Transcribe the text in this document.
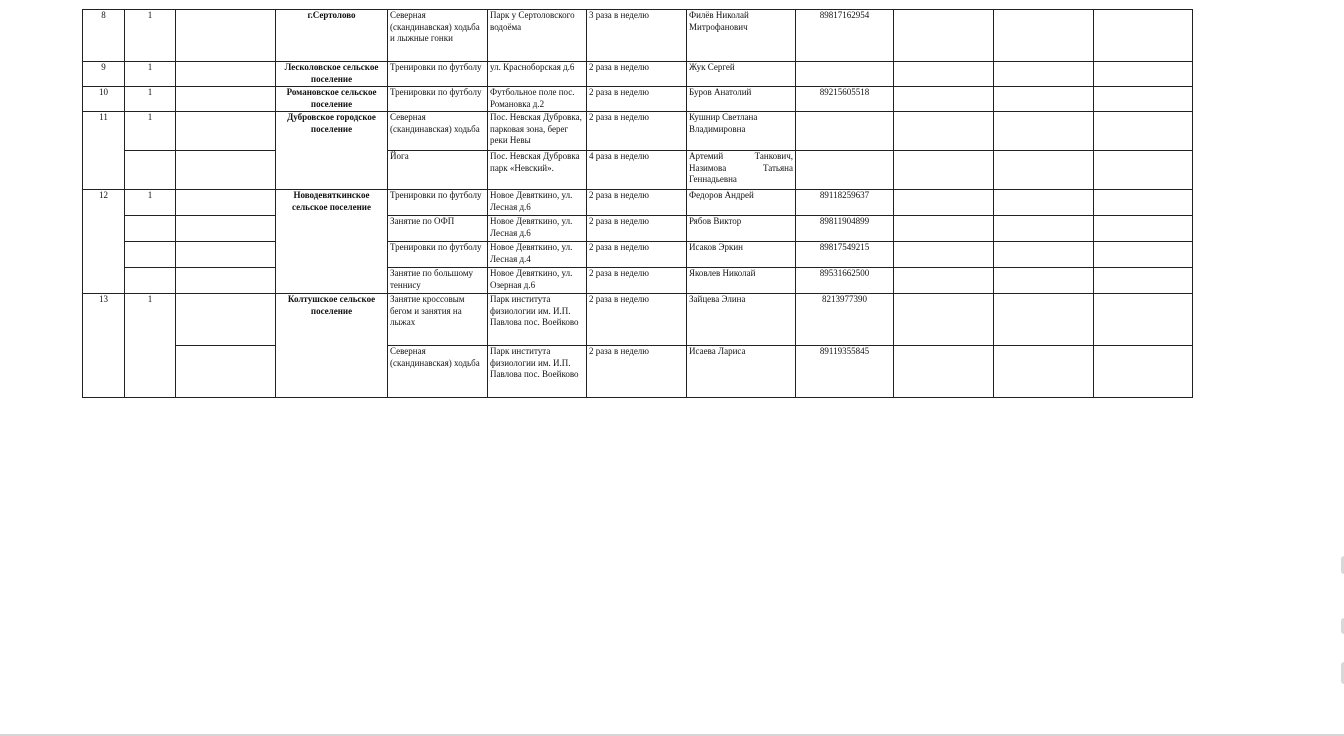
8	1		г.Сертолово	Северная (скандинавская) ходьба и лыжные гонки	Парк у Сертоловского водоёма	3 раза в неделю	Филёв Николай Митрофанович	89817162954			
9	1		Лесколовское сельское поселение	Тренировки по футболу	ул. Красноборская д.6	2 раза в неделю	Жук Сергей				
10	1		Романовское сельское поселение	Тренировки по футболу	Футбольное поле пос. Романовка д.2	2 раза в неделю	Буров Анатолий	89215605518			
11	1		Дубровское городское поселение	Северная (скандинавская) ходьба	Пос. Невская Дубровка, парковая зона, берег реки Невы	2 раза в неделю	Кушнир Светлана Владимировна				
				Йога	Пос. Невская Дубровка парк «Невский».	4 раза в неделю	Артемий Танкович, Назимова Татьяна Геннадьевна				
12	1		Новодевяткинское сельское поселение	Тренировки по футболу	Новое Девяткино, ул. Лесная д.6	2 раза в неделю	Федоров Андрей	89118259637			
				Занятие по ОФП	Новое Девяткино, ул. Лесная д.6	2 раза в неделю	Рябов Виктор	89811904899			
				Тренировки по футболу	Новое Девяткино, ул. Лесная д.4	2 раза в неделю	Исаков Эркин	89817549215			
				Занятие по большому теннису	Новое Девяткино, ул. Озерная д.6	2 раза в неделю	Яковлев Николай	89531662500			
13	1		Колтушское сельское поселение	Занятие кроссовым бегом и занятия на лыжах	Парк института физиологии им. И.П. Павлова пос. Воейково	2 раза в неделю	Зайцева Элина	8213977390			
				Северная (скандинавская) ходьба	Парк института физиологии им. И.П. Павлова пос. Воейково	2 раза в неделю	Исаева Лариса	89119355845			
